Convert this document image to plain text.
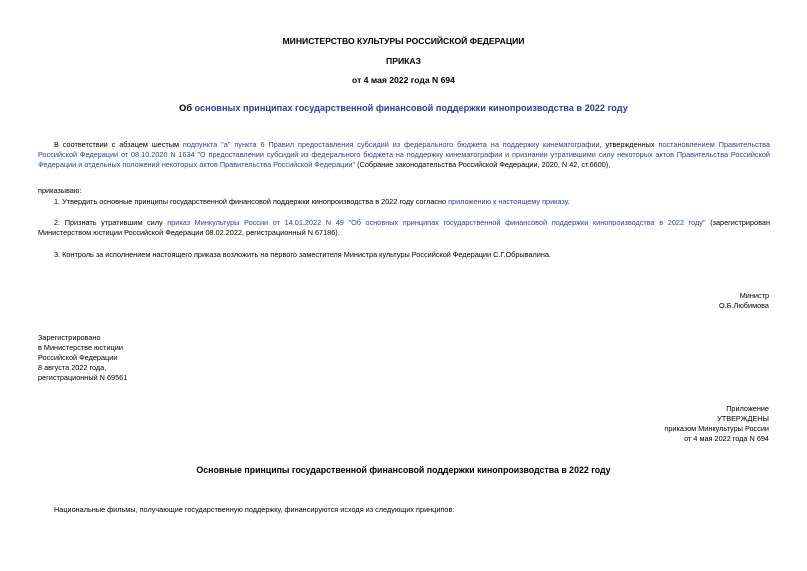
МИНИСТЕРСТВО КУЛЬТУРЫ РОССИЙСКОЙ ФЕДЕРАЦИИ
ПРИКАЗ
от 4 мая 2022 года N 694
Об основных принципах государственной финансовой поддержки кинопроизводства в 2022 году
В соответствии с абзацем шестым подпункта "а" пункта 6 Правил предоставления субсидий из федерального бюджета на поддержку кинематографии, утвержденных постановлением Правительства Российской Федерации от 08.10.2020 N 1634 "О предоставлении субсидий из федерального бюджета на поддержку кинематографии и признании утратившими силу некоторых актов Правительства Российской Федерации и отдельных положений некоторых актов Правительства Российской Федерации" (Собрание законодательства Российской Федерации, 2020, N 42, ст.6600),
приказываю:
1. Утвердить основные принципы государственной финансовой поддержки кинопроизводства в 2022 году согласно приложению к настоящему приказу.
2. Признать утратившим силу приказ Минкультуры России от 14.01.2022 N 49 "Об основных принципах государственной финансовой поддержки кинопроизводства в 2022 году" (зарегистрирован Министерством юстиции Российской Федерации 08.02.2022, регистрационный N 67186).
3. Контроль за исполнением настоящего приказа возложить на первого заместителя Министра культуры Российской Федерации С.Г.Обрывалина.
Министр
О.Б.Любимова
Зарегистрировано
в Министерстве юстиции
Российской Федерации
8 августа 2022 года,
регистрационный N 69561
Приложение
УТВЕРЖДЕНЫ
приказом Минкультуры России
от 4 мая 2022 года N 694
Основные принципы государственной финансовой поддержки кинопроизводства в 2022 году
Национальные фильмы, получающие государственную поддержку, финансируются исходя из следующих принципов:
